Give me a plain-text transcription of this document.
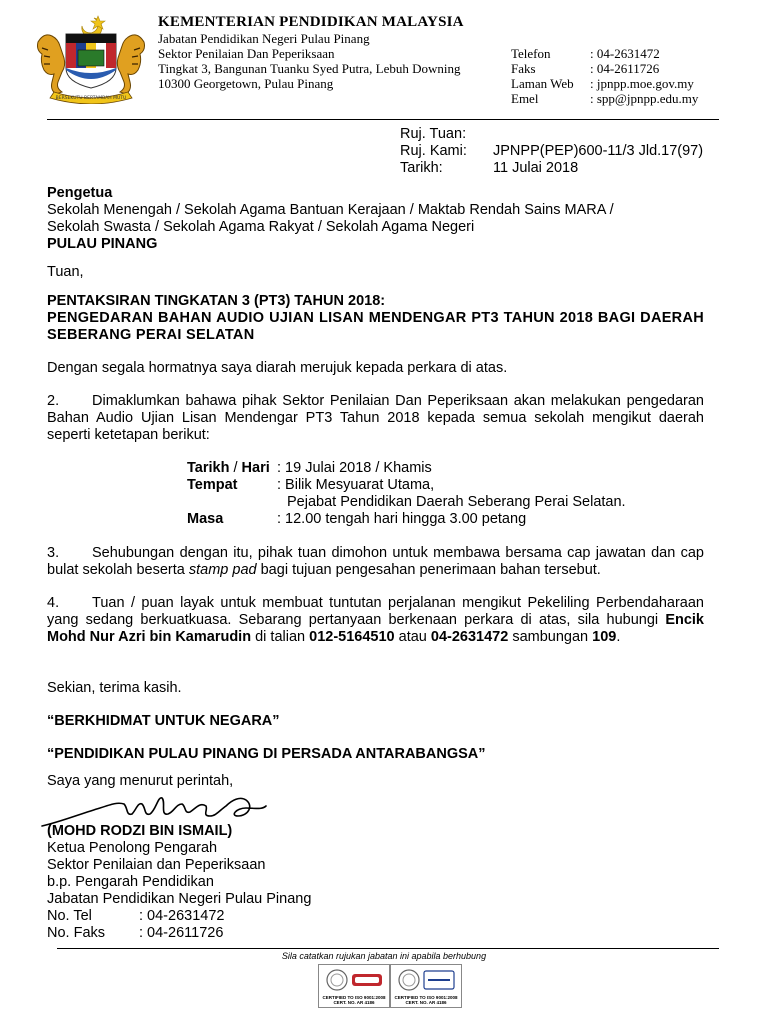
BERSEKUTU BERTAMBAH MUTU
KEMENTERIAN PENDIDIKAN MALAYSIA
Jabatan Pendidikan Negeri Pulau Pinang
Sektor Penilaian Dan Peperiksaan
Tingkat 3, Bangunan Tuanku Syed Putra, Lebuh Downing
10300 Georgetown, Pulau Pinang
Telefon	: 04-2631472
Faks	: 04-2611726
Laman Web	: jpnpp.moe.gov.my
Emel	: spp@jpnpp.edu.my
Ruj. Tuan:
Ruj. Kami:	JPNPP(PEP)600-11/3 Jld.17(97)
Tarikh:	11 Julai 2018
Pengetua
Sekolah Menengah / Sekolah Agama Bantuan Kerajaan / Maktab Rendah Sains MARA /
Sekolah Swasta / Sekolah Agama Rakyat / Sekolah Agama Negeri
PULAU PINANG
Tuan,
PENTAKSIRAN TINGKATAN 3 (PT3) TAHUN 2018:
PENGEDARAN BAHAN AUDIO UJIAN LISAN MENDENGAR PT3 TAHUN 2018 BAGI DAERAH SEBERANG PERAI SELATAN
Dengan segala hormatnya saya diarah merujuk kepada perkara di atas.
2. Dimaklumkan bahawa pihak Sektor Penilaian Dan Peperiksaan akan melakukan pengedaran Bahan Audio Ujian Lisan Mendengar PT3 Tahun 2018 kepada semua sekolah mengikut daerah seperti ketetapan berikut:
Tarikh / Hari : 19 Julai 2018 / Khamis
Tempat	: Bilik Mesyuarat Utama,
Pejabat Pendidikan Daerah Seberang Perai Selatan.
Masa	: 12.00 tengah hari hingga 3.00 petang
3. Sehubungan dengan itu, pihak tuan dimohon untuk membawa bersama cap jawatan dan cap bulat sekolah beserta stamp pad bagi tujuan pengesahan penerimaan bahan tersebut.
4. Tuan / puan layak untuk membuat tuntutan perjalanan mengikut Pekeliling Perbendaharaan yang sedang berkuatkuasa. Sebarang pertanyaan berkenaan perkara di atas, sila hubungi Encik Mohd Nur Azri bin Kamarudin di talian 012-5164510 atau 04-2631472 sambungan 109.
Sekian, terima kasih.
“BERKHIDMAT UNTUK NEGARA”
“PENDIDIKAN PULAU PINANG DI PERSADA ANTARABANGSA”
Saya yang menurut perintah,
(MOHD RODZI BIN ISMAIL)
Ketua Penolong Pengarah
Sektor Penilaian dan Peperiksaan
b.p. Pengarah Pendidikan
Jabatan Pendidikan Negeri Pulau Pinang
No. Tel	: 04-2631472
No. Faks	: 04-2611726
Sila catatkan rujukan jabatan ini apabila berhubung
CERTIFIED TO ISO 9001:2008 CERT. NO. AR 4186
CERTIFIED TO ISO 9001:2008 CERT. NO. AR 4186
